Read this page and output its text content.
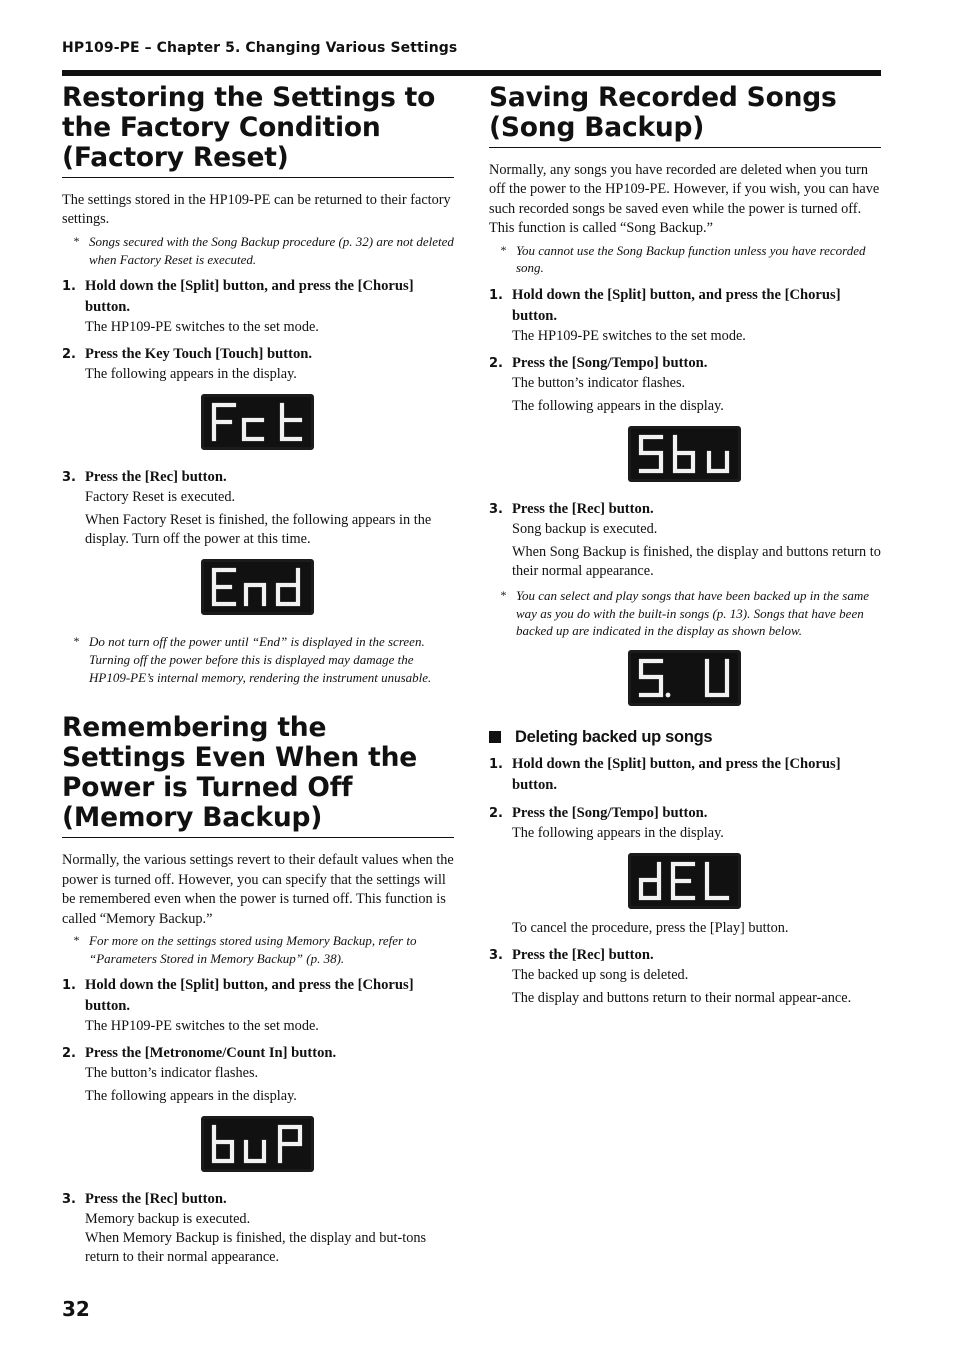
HP109-PE – Chapter 5. Changing Various Settings
Restoring the Settings to the Factory Condition (Factory Reset)

The settings stored in the HP109-PE can be returned to their factory settings.

* Songs secured with the Song Backup procedure (p. 32) are not deleted when Factory Reset is executed.
1. Hold down the [Split] button, and press the [Chorus] button.
The HP109-PE switches to the set mode.
2. Press the Key Touch [Touch] button.
The following appears in the display.
3. Press the [Rec] button.
Factory Reset is executed.
When Factory Reset is finished, the following appears in the display. Turn off the power at this time.
* Do not turn off the power until “End” is displayed in the screen. Turning off the power before this is displayed may damage the HP109-PE’s internal memory, rendering the instrument unusable.
Remembering the Settings Even When the Power is Turned Off (Memory Backup)

Normally, the various settings revert to their default values when the power is turned off. However, you can specify that the settings will be remembered even when the power is turned off. This function is called “Memory Backup.”

* For more on the settings stored using Memory Backup, refer to “Parameters Stored in Memory Backup” (p. 38).
1. Hold down the [Split] button, and press the [Chorus] button.
The HP109-PE switches to the set mode.
2. Press the [Metronome/Count In] button.
The button’s indicator flashes.
The following appears in the display.
3. Press the [Rec] button.
Memory backup is executed.
When Memory Backup is finished, the display and but-tons return to their normal appearance.
Saving Recorded Songs (Song Backup)

Normally, any songs you have recorded are deleted when you turn off the power to the HP109-PE. However, if you wish, you can have such recorded songs be saved even while the power is turned off. This function is called “Song Backup.”

* You cannot use the Song Backup function unless you have recorded song.
1. Hold down the [Split] button, and press the [Chorus] button.
The HP109-PE switches to the set mode.
2. Press the [Song/Tempo] button.
The button’s indicator flashes.
The following appears in the display.
3. Press the [Rec] button.
Song backup is executed.
When Song Backup is finished, the display and buttons return to their normal appearance.
* You can select and play songs that have been backed up in the same way as you do with the built-in songs (p. 13). Songs that have been backed up are indicated in the display as shown below.
Deleting backed up songs
1. Hold down the [Split] button, and press the [Chorus] button.
2. Press the [Song/Tempo] button.
The following appears in the display.
To cancel the procedure, press the [Play] button.
3. Press the [Rec] button.
The backed up song is deleted.
The display and buttons return to their normal appear-ance.
32
